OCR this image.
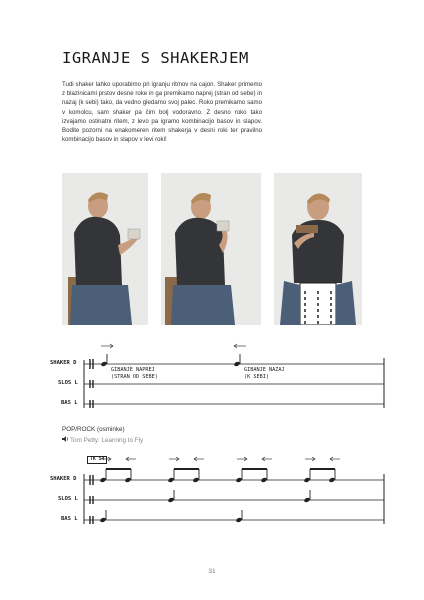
IGRANJE S SHAKERJEM

Tudi shaker lahko uporabimo pri igranju ritmov na cajon. Shaker primemo z blazinicami prstov desne roke in ga premikamo naprej (stran od sebe) in nazaj (k sebi) tako, da vedno gledamo svoj palec. Roko premikamo samo v komolcu, sam shaker pa čim bolj vodoravno. Z desno roko tako izvajamo ostinatni ritem, z levo pa igramo kombinacijo basov in slapov. Bodite pozorni na enakomeren ritem shakerja v desni roki ter pravilno kombinacijo basov in slapov v levi roki!

SHAKER D
SLOS L
BAS L
GIBANJE NAPREJ
(STRAN OD SEBE)
GIBANJE NAZAJ
(K SEBI)
POP/ROCK (osminke)
Tom Petty: Learning to Fly
TK 54
SHAKER D
SLOS L
BAS L
31
